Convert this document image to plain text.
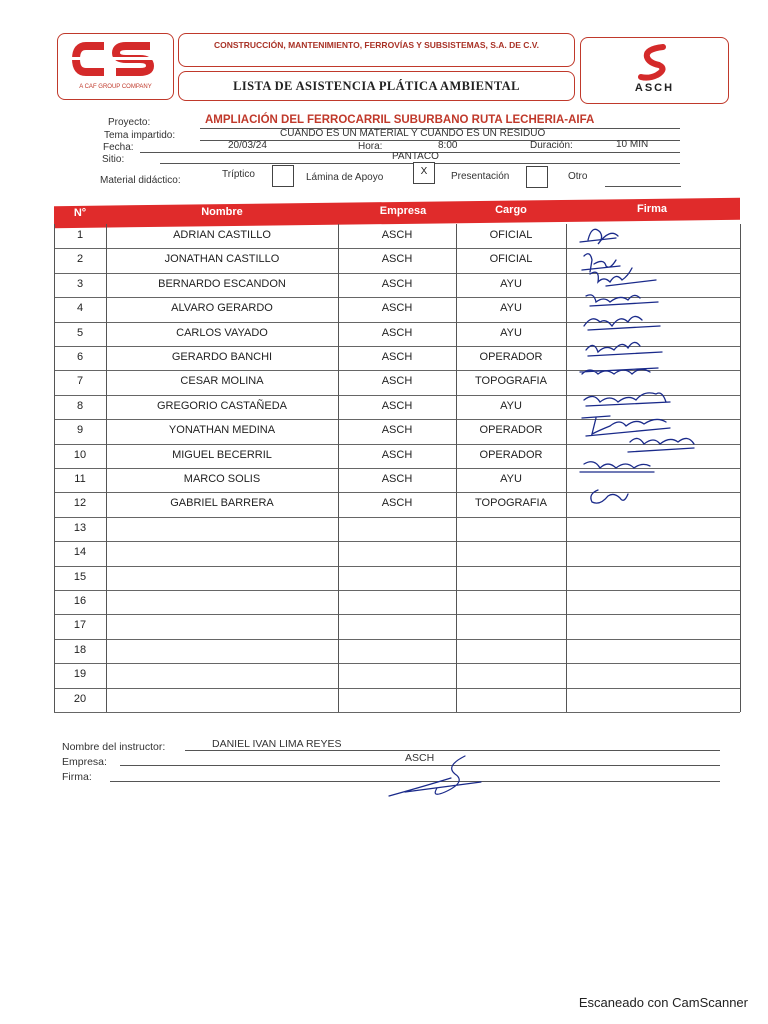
A CAF GROUP COMPANY
CONSTRUCCIÓN, MANTENIMIENTO, FERROVÍAS Y SUBSISTEMAS, S.A. DE C.V.
LISTA DE ASISTENCIA PLÁTICA AMBIENTAL	ASCH
Proyecto:	AMPLIACIÓN DEL FERROCARRIL SUBURBANO RUTA LECHERIA-AIFA
Tema impartido:	CUANDO ES UN MATERIAL Y CUANDO ES UN RESIDUO
Fecha:	20/03/24	Hora:	8:00	Duración:	10 MIN
Sitio:	PANTACO
Material didáctico:
Tríptico	Lámina de Apoyo
X	Presentación	Otro
N°	Nombre	Empresa	Cargo	Firma
1	ADRIAN CASTILLO	ASCH	OFICIAL
2	JONATHAN CASTILLO	ASCH	OFICIAL
3	BERNARDO ESCANDON	ASCH	AYU
4	ALVARO GERARDO	ASCH	AYU
5	CARLOS VAYADO	ASCH	AYU
6	GERARDO BANCHI	ASCH	OPERADOR
7	CESAR MOLINA	ASCH	TOPOGRAFIA
8	GREGORIO CASTAÑEDA	ASCH	AYU
9	YONATHAN MEDINA	ASCH	OPERADOR
10	MIGUEL BECERRIL	ASCH	OPERADOR
11	MARCO SOLIS	ASCH	AYU
12	GABRIEL BARRERA	ASCH	TOPOGRAFIA
13
14
15
16
17
18
19
20
Nombre del instructor:	DANIEL IVAN LIMA REYES
Empresa:	ASCH
Firma:
Escaneado con CamScanner
